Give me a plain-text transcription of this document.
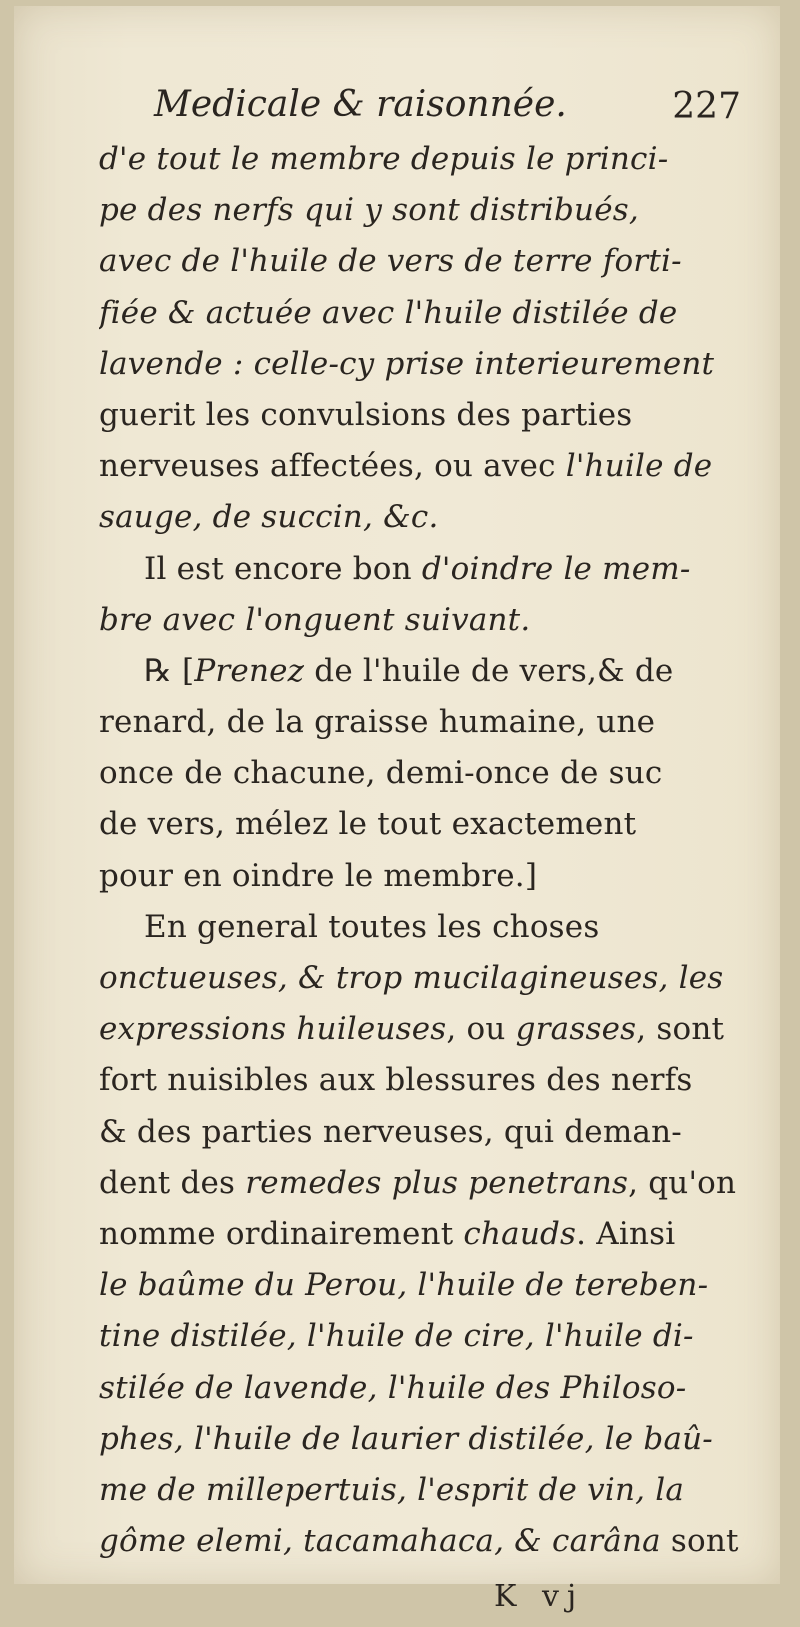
Medicale & raisonnée.	227
d'e tout le membre depuis le princi-
pe des nerfs qui y sont distribués,
avec de l'huile de vers de terre forti-
fiée & actuée avec l'huile distilée de
lavende : celle-cy prise interieurement
guerit les convulsions des parties
nerveuses affectées, ou avec l'huile de
sauge, de succin, &c.
Il est encore bon d'oindre le mem-
bre avec l'onguent suivant.
℞ [Prenez de l'huile de vers,& de
renard, de la graisse humaine, une
once de chacune, demi-once de suc
de vers, mélez le tout exactement
pour en oindre le membre.]
En general toutes les choses
onctueuses, & trop mucilagineuses, les
expressions huileuses, ou grasses, sont
fort nuisibles aux blessures des nerfs
& des parties nerveuses, qui deman-
dent des remedes plus penetrans, qu'on
nomme ordinairement chauds. Ainsi
le baûme du Perou, l'huile de tereben-
tine distilée, l'huile de cire, l'huile di-
stilée de lavende, l'huile des Philoso-
phes, l'huile de laurier distilée, le baû-
me de millepertuis, l'esprit de vin, la
gôme elemi, tacamahaca, & carâna sont
K vj
